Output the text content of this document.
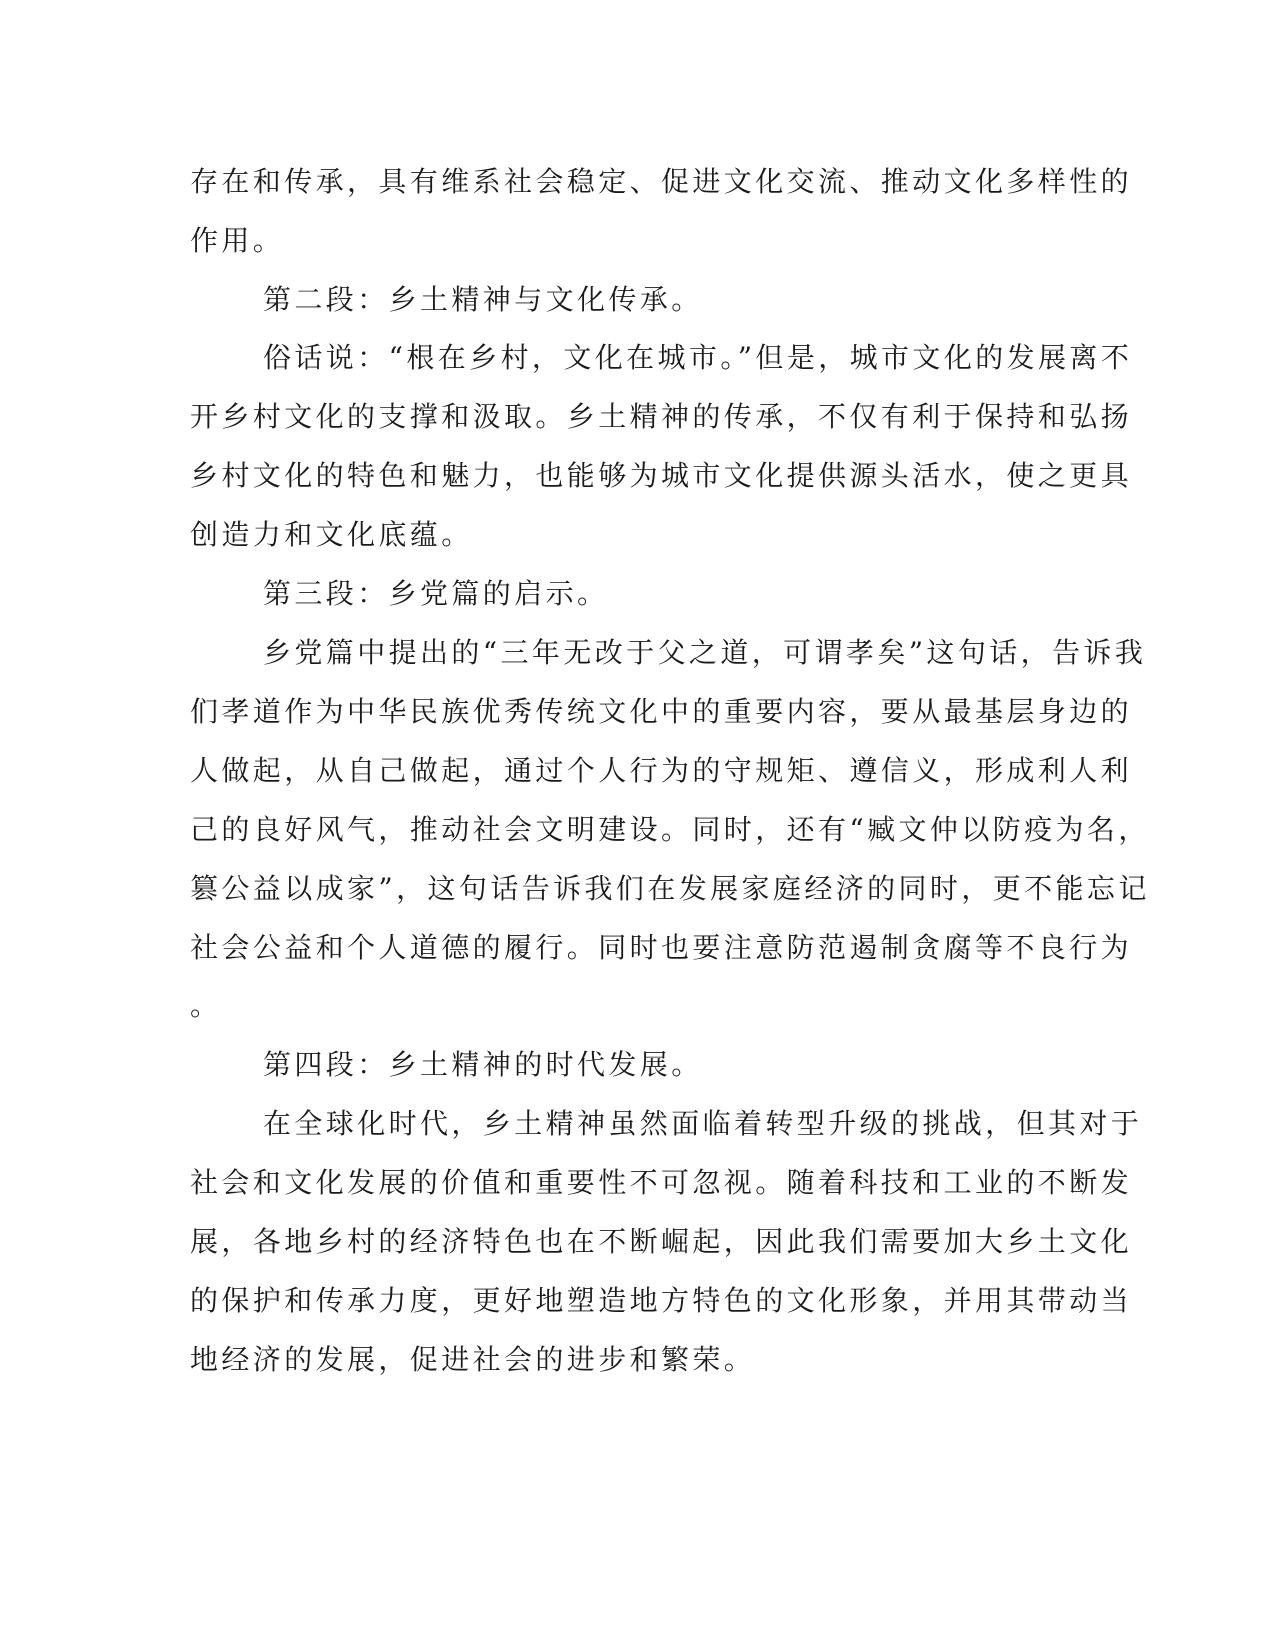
存在和传承，具有维系社会稳定、促进文化交流、推动文化多样性的
作用。
第二段：乡土精神与文化传承。
俗话说：“根在乡村，文化在城市。”但是，城市文化的发展离不
开乡村文化的支撑和汲取。乡土精神的传承，不仅有利于保持和弘扬
乡村文化的特色和魅力，也能够为城市文化提供源头活水，使之更具
创造力和文化底蕴。
第三段：乡党篇的启示。
乡党篇中提出的“三年无改于父之道，可谓孝矣”这句话，告诉我
们孝道作为中华民族优秀传统文化中的重要内容，要从最基层身边的
人做起，从自己做起，通过个人行为的守规矩、遵信义，形成利人利
己的良好风气，推动社会文明建设。同时，还有“臧文仲以防疫为名，
篡公益以成家”，这句话告诉我们在发展家庭经济的同时，更不能忘记
社会公益和个人道德的履行。同时也要注意防范遏制贪腐等不良行为
。
第四段：乡土精神的时代发展。
在全球化时代，乡土精神虽然面临着转型升级的挑战，但其对于
社会和文化发展的价值和重要性不可忽视。随着科技和工业的不断发
展，各地乡村的经济特色也在不断崛起，因此我们需要加大乡土文化
的保护和传承力度，更好地塑造地方特色的文化形象，并用其带动当
地经济的发展，促进社会的进步和繁荣。
